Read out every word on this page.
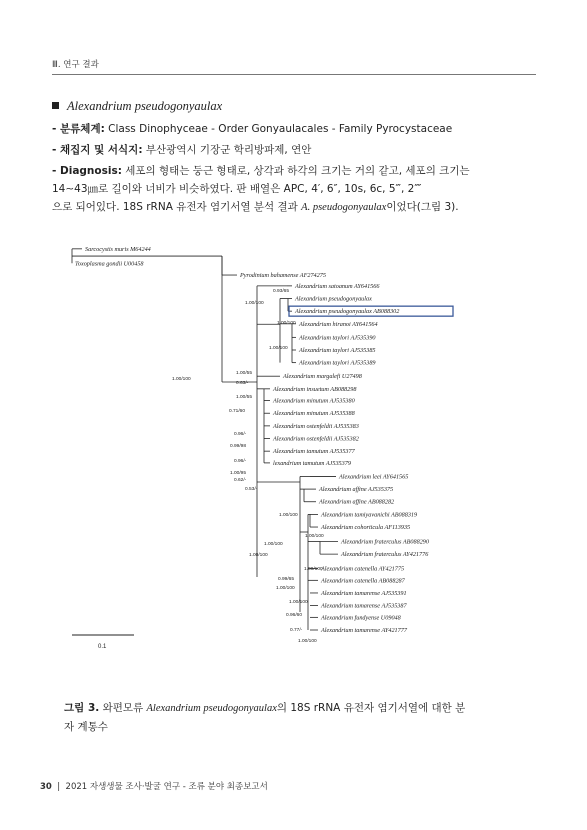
Ⅲ. 연구 결과
Alexandrium pseudogonyaulax
- 분류체계: Class Dinophyceae - Order Gonyaulacales - Family Pyrocystaceae
- 채집지 및 서식지: 부산광역시 기장군 학리방파제, 연안
- Diagnosis: 세포의 형태는 둥근 형태로, 상각과 하각의 크기는 거의 같고, 세포의 크기는
14∼43㎛로 길이와 너비가 비슷하였다. 판 배열은 APC, 4′, 6″, 10s, 6c, 5‴, 2⁗
으로 되어있다. 18S rRNA 유전자 염기서열 분석 결과 A. pseudogonyaulax이었다(그림 3).
Sarcocystis muris M64244
Toxoplasma gondii U00458
Pyrodinium bahamense AF274275
Alexandrium satoanum AY641566
Alexandrium pseudogonyaulax
Alexandrium pseudogonyaulax AB088302
Alexandrium hiranoi AY641564
Alexandrium taylori AJ535390
Alexandrium taylori AJ535385
Alexandrium taylori AJ535389
Alexandrium margalefi U27498
Alexandrium insuetum AB088298
Alexandrium minutum AJ535380
Alexandrium minutum AJ535388
Alexandrium ostenfeldii AJ535383
Alexandrium ostenfeldii AJ535382
Alexandrium tamutum AJ535377
lexandrium tamutum AJ535379
Alexandrium leei AY641565
Alexandrium affine AJ535375
Alexandrium affine AB088282
Alexandrium tamiyavanichi AB088319
Alexandrium cohorticula AF113935
Alexandrium fraterculus AB088290
Alexandrium fraterculus AY421776
Alexandrium catenella AY421775
Alexandrium catenella AB088287
Alexandrium tamarense AJ535391
Alexandrium tamarense AJ535387
Alexandrium fundyense U09048
Alexandrium tamarense AY421777
1.00/100
1.00/55
1.00/100
0.93/65
1.00/100
1.00/100
0.63/-
1.00/55
0.71/60
0.96/-
0.99/98
0.96/-
1.00/95
0.62/-
0.53/-
1.00/100
1.00/100
1.00/100
1.00/100
1.00/100
0.99/65
1.00/100
1.00/100
0.96/60
0.77/-
1.00/100
0.1
그림 3. 와편모류 Alexandrium pseudogonyaulax의 18S rRNA 유전자 염기서열에 대한 분
자 계통수
30 | 2021 자생생물 조사·발굴 연구 - 조류 분야 최종보고서
